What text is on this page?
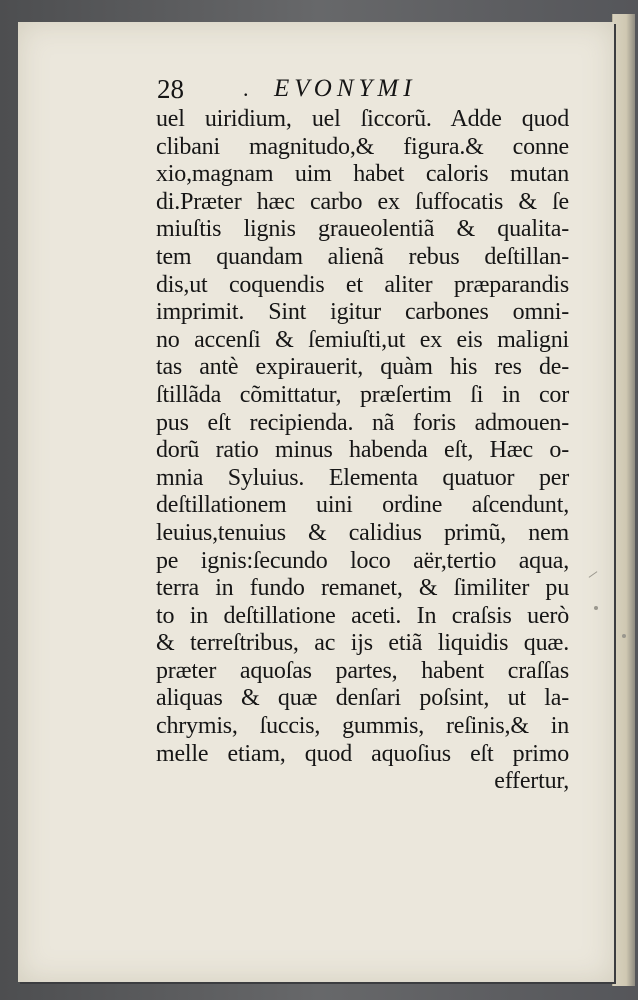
28	. EVONYMI
uel uiridium, uel ſiccorũ. Adde quod
clibani magnitudo,& figura.& conne
xio,magnam uim habet caloris mutan
di.Præter hæc carbo ex ſuffocatis & ſe
miuſtis lignis graueolentiã & qualita-
tem quandam alienã rebus deſtillan-
dis,ut coquendis et aliter præparandis
imprimit. Sint igitur carbones omni-
no accenſi & ſemiuſti,ut ex eis maligni
tas antè expirauerit, quàm his res de-
ſtillãda cõmittatur, præſertim ſi in cor
pus eſt recipienda. nã foris admouen-
dorũ ratio minus habenda eſt, Hæc o-
mnia Syluius. Elementa quatuor per
deſtillationem uini ordine aſcendunt,
leuius,tenuius & calidius primũ, nem
pe ignis:ſecundo loco aër,tertio aqua,
terra in fundo remanet, & ſimiliter pu
to in deſtillatione aceti. In craſsis uerò
& terreſtribus, ac ijs etiã liquidis quæ.
præter aquoſas partes, habent craſſas
aliquas & quæ denſari poſsint, ut la-
chrymis, ſuccis, gummis, reſinis,& in
melle etiam, quod aquoſius eſt primo
effertur,
